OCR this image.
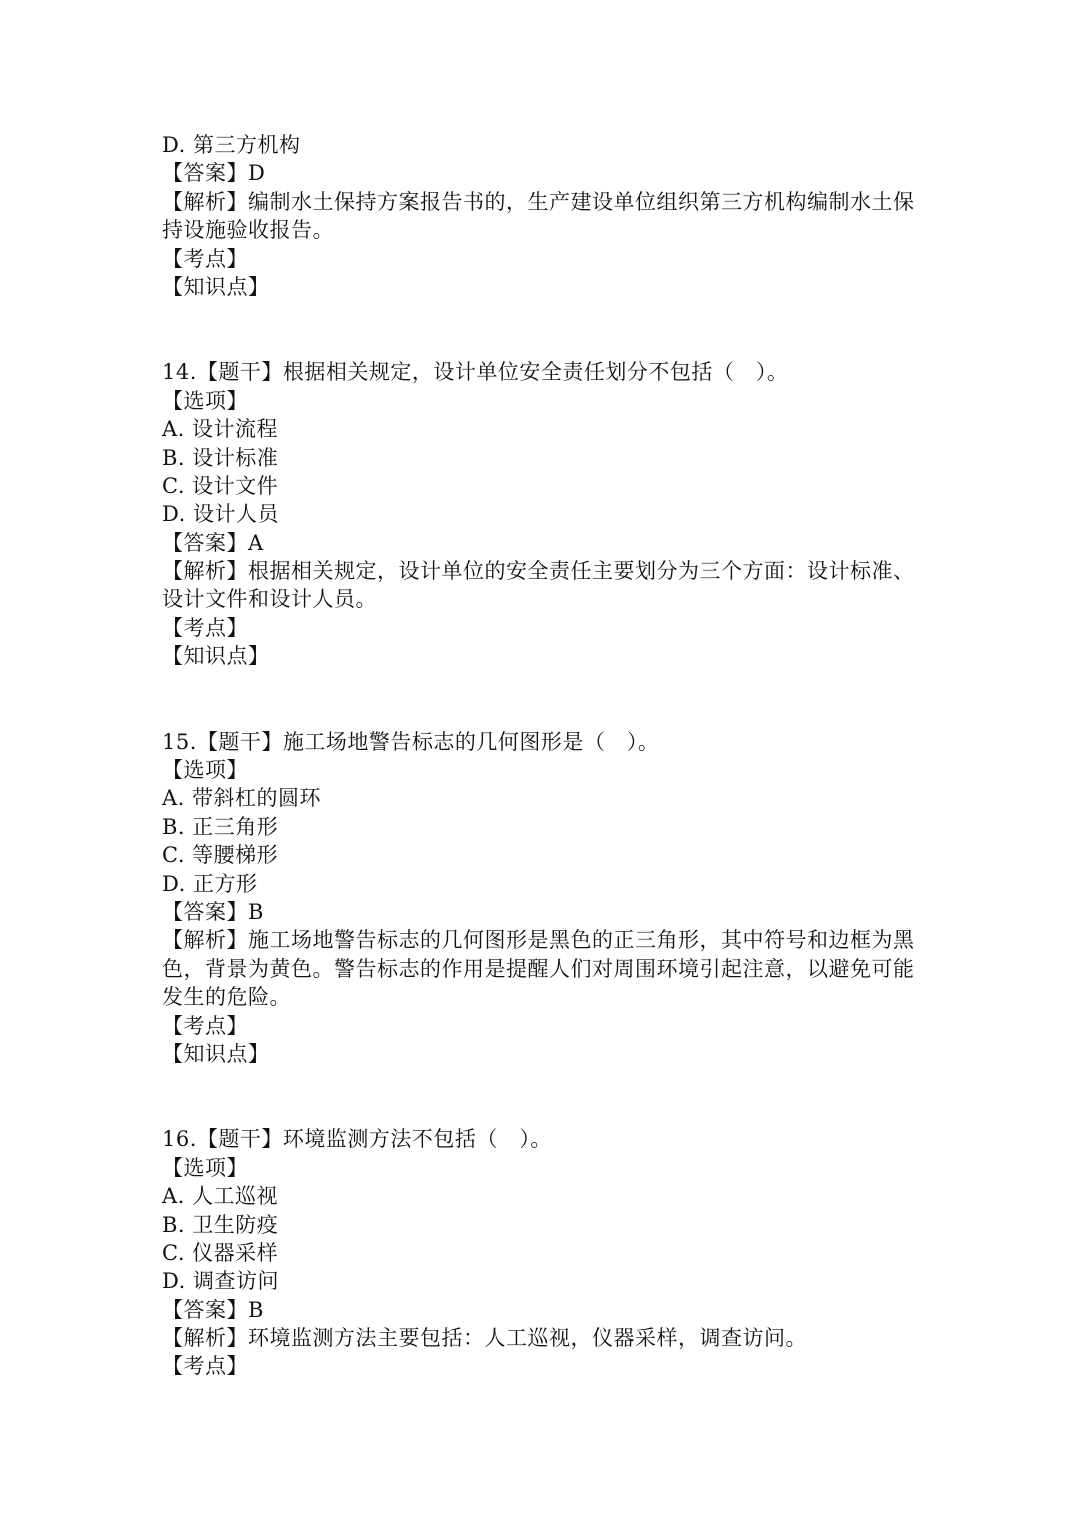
D. 第三方机构
【答案】D
【解析】编制水土保持方案报告书的，生产建设单位组织第三方机构编制水土保
持设施验收报告。
【考点】
【知识点】
14.【题干】根据相关规定，设计单位安全责任划分不包括（　）。
【选项】
A. 设计流程
B. 设计标准
C. 设计文件
D. 设计人员
【答案】A
【解析】根据相关规定，设计单位的安全责任主要划分为三个方面：设计标准、
设计文件和设计人员。
【考点】
【知识点】
15.【题干】施工场地警告标志的几何图形是（　）。
【选项】
A. 带斜杠的圆环
B. 正三角形
C. 等腰梯形
D. 正方形
【答案】B
【解析】施工场地警告标志的几何图形是黑色的正三角形，其中符号和边框为黑
色，背景为黄色。警告标志的作用是提醒人们对周围环境引起注意，以避免可能
发生的危险。
【考点】
【知识点】
16.【题干】环境监测方法不包括（　）。
【选项】
A. 人工巡视
B. 卫生防疫
C. 仪器采样
D. 调查访问
【答案】B
【解析】环境监测方法主要包括：人工巡视，仪器采样，调查访问。
【考点】
